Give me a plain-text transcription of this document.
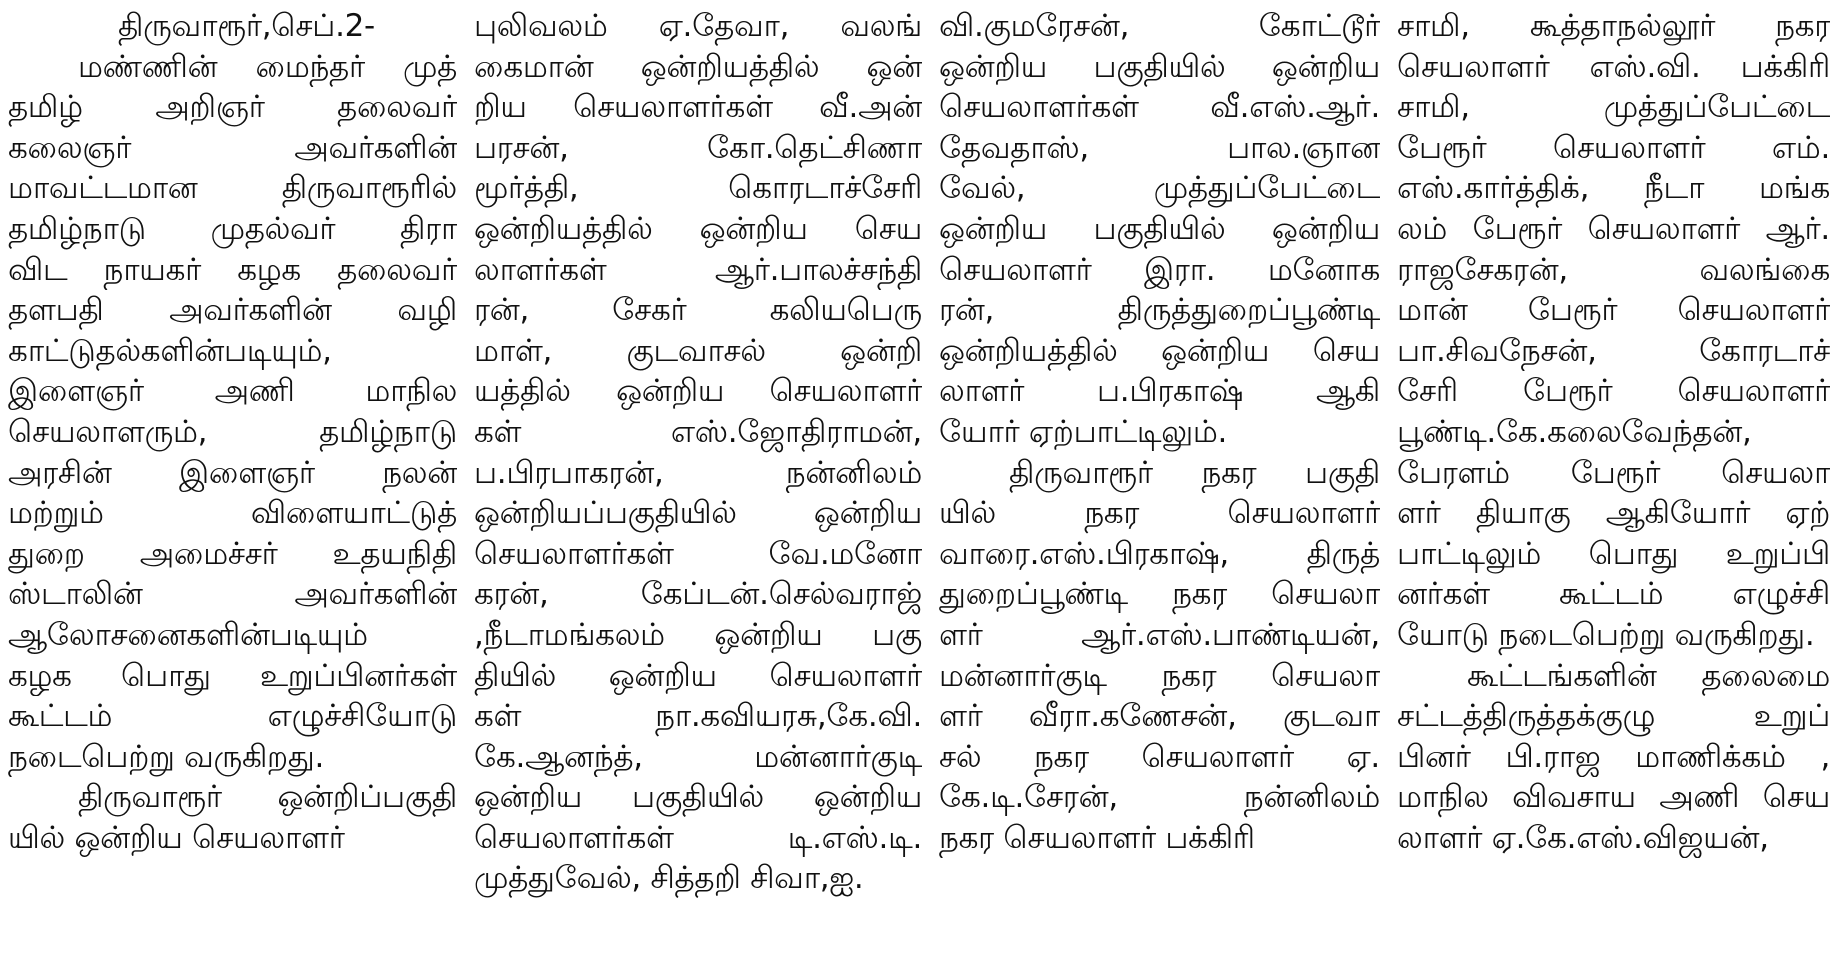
திருவாரூர்,செப்.2-
மண்ணின் மைந்தர் முத்
தமிழ் அறிஞர் தலைவர்
கலைஞர் அவர்களின்
மாவட்டமான திருவாரூரில்
தமிழ்நாடு முதல்வர் திரா
விட நாயகர் கழக தலைவர்
தளபதி அவர்களின் வழி
காட்டுதல்களின்படியும்,
இளைஞர் அணி மாநில
செயலாளரும், தமிழ்நாடு
அரசின் இளைஞர் நலன்
மற்றும் விளையாட்டுத்
துறை அமைச்சர் உதயநிதி
ஸ்டாலின் அவர்களின்
ஆலோசனைகளின்படியும்
கழக பொது உறுப்பினர்கள்
கூட்டம் எழுச்சியோடு
நடைபெற்று வருகிறது.
திருவாரூர் ஒன்றிப்பகுதி
யில் ஒன்றிய செயலாளர்
புலிவலம் ஏ.தேவா, வலங்
கைமான் ஒன்றியத்தில் ஒன்
றிய செயலாளர்கள் வீ.அன்
பரசன், கோ.தெட்சிணா
மூர்த்தி, கொரடாச்சேரி
ஒன்றியத்தில் ஒன்றிய செய
லாளர்கள் ஆர்.பாலச்சந்தி
ரன், சேகர் கலியபெரு
மாள், குடவாசல் ஒன்றி
யத்தில் ஒன்றிய செயலாளர்
கள் எஸ்.ஜோதிராமன்,
ப.பிரபாகரன், நன்னிலம்
ஒன்றியப்பகுதியில் ஒன்றிய
செயலாளர்கள் வே.மனோ
கரன், கேப்டன்.செல்வராஜ்
,நீடாமங்கலம் ஒன்றிய பகு
தியில் ஒன்றிய செயலாளர்
கள் நா.கவியரசு,கே.வி.
கே.ஆனந்த், மன்னார்குடி
ஒன்றிய பகுதியில் ஒன்றிய
செயலாளர்கள் டி.எஸ்.டி.
முத்துவேல், சித்தறி சிவா,ஐ.
வி.குமரேசன், கோட்டூர்
ஒன்றிய பகுதியில் ஒன்றிய
செயலாளர்கள் வீ.எஸ்.ஆர்.
தேவதாஸ், பால.ஞான
வேல், முத்துப்பேட்டை
ஒன்றிய பகுதியில் ஒன்றிய
செயலாளர் இரா. மனோக
ரன், திருத்துறைப்பூண்டி
ஒன்றியத்தில் ஒன்றிய செய
லாளர் ப.பிரகாஷ் ஆகி
யோர் ஏற்பாட்டிலும்.
திருவாரூர் நகர பகுதி
யில் நகர செயலாளர்
வாரை.எஸ்.பிரகாஷ், திருத்
துறைப்பூண்டி நகர செயலா
ளர் ஆர்.எஸ்.பாண்டியன்,
மன்னார்குடி நகர செயலா
ளர் வீரா.கணேசன், குடவா
சல் நகர செயலாளர் ஏ.
கே.டி.சேரன், நன்னிலம்
நகர செயலாளர் பக்கிரி
சாமி, கூத்தாநல்லூர் நகர
செயலாளர் எஸ்.வி. பக்கிரி
சாமி, முத்துப்பேட்டை
பேரூர் செயலாளர் எம்.
எஸ்.கார்த்திக், நீடா மங்க
லம் பேரூர் செயலாளர் ஆர்.
ராஜசேகரன், வலங்கை
மான் பேரூர் செயலாளர்
பா.சிவநேசன், கோரடாச்
சேரி பேரூர் செயலாளர்
பூண்டி.கே.கலைவேந்தன்,
பேரளம் பேரூர் செயலா
ளர் தியாகு ஆகியோர் ஏற்
பாட்டிலும் பொது உறுப்பி
னர்கள் கூட்டம் எழுச்சி
யோடு நடைபெற்று வருகிறது.
கூட்டங்களின் தலைமை
சட்டத்திருத்தக்குழு உறுப்
பினர் பி.ராஜ மாணிக்கம் ,
மாநில விவசாய அணி செய
லாளர் ஏ.கே.எஸ்.விஜயன்,
